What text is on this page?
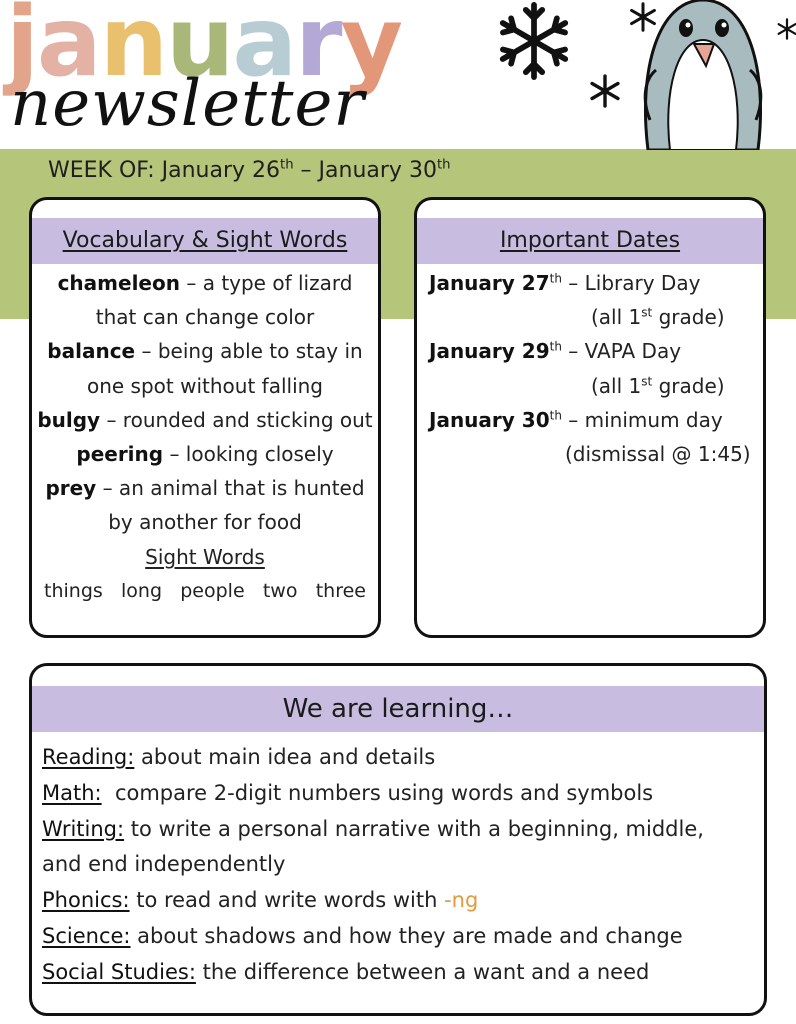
january
newsletter
WEEK OF: January 26th – January 30th
Vocabulary & Sight Words
chameleon – a type of lizard that can change color
balance – being able to stay in one spot without falling
bulgy – rounded and sticking out
peering – looking closely
prey – an animal that is hunted by another for food
Sight Words
things long people two three
Important Dates
January 27th – Library Day
(all 1st grade)
January 29th – VAPA Day
(all 1st grade)
January 30th – minimum day
(dismissal @ 1:45)
We are learning…
Reading: about main idea and details
Math:  compare 2-digit numbers using words and symbols
Writing: to write a personal narrative with a beginning, middle, and end independently
Phonics: to read and write words with -ng
Science: about shadows and how they are made and change
Social Studies: the difference between a want and a need
